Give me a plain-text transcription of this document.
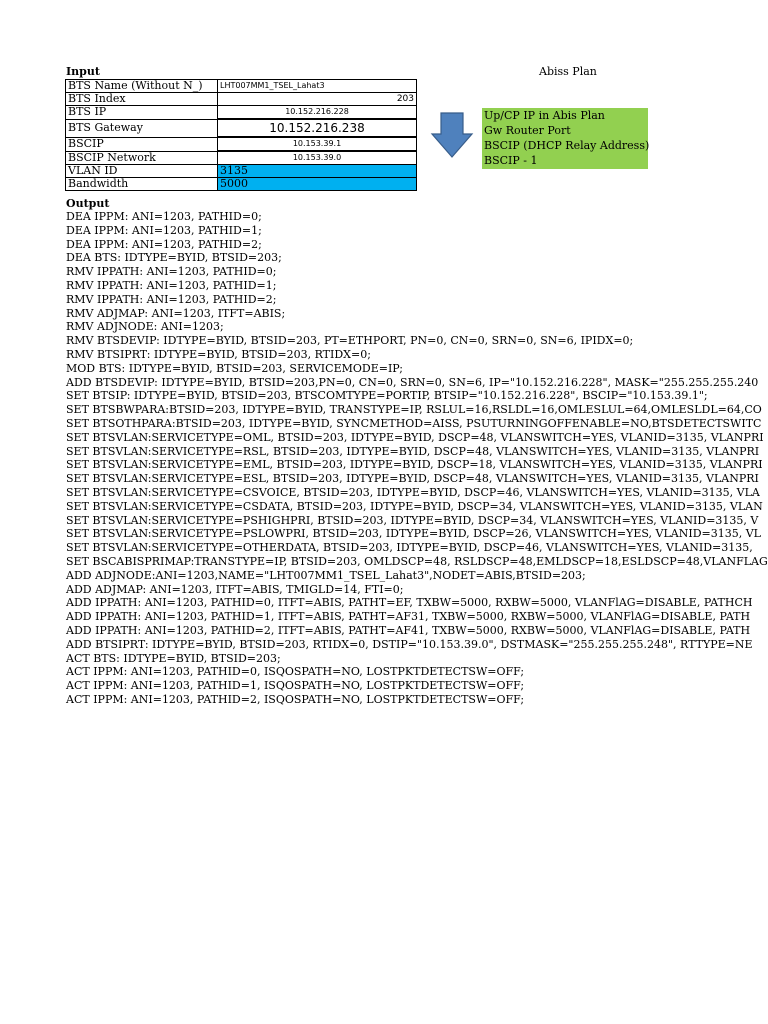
Input	Abiss Plan
BTS Name (Without N_)	LHT007MM1_TSEL_Lahat3
BTS Index	203
BTS IP	10.152.216.228
BTS Gateway	10.152.216.238
BSCIP	10.153.39.1
BSCIP Network	10.153.39.0
VLAN ID	3135
Bandwidth	5000
Up/CP IP in Abis Plan
Gw Router Port
BSCIP (DHCP Relay Address)
BSCIP - 1
Output
DEA IPPM: ANI=1203, PATHID=0;
DEA IPPM: ANI=1203, PATHID=1;
DEA IPPM: ANI=1203, PATHID=2;
DEA BTS: IDTYPE=BYID, BTSID=203;
RMV IPPATH: ANI=1203, PATHID=0;
RMV IPPATH: ANI=1203, PATHID=1;
RMV IPPATH: ANI=1203, PATHID=2;
RMV ADJMAP: ANI=1203, ITFT=ABIS;
RMV ADJNODE: ANI=1203;
RMV BTSDEVIP: IDTYPE=BYID, BTSID=203, PT=ETHPORT, PN=0, CN=0, SRN=0, SN=6, IPIDX=0;
RMV BTSIPRT: IDTYPE=BYID, BTSID=203, RTIDX=0;
MOD BTS: IDTYPE=BYID, BTSID=203, SERVICEMODE=IP;
ADD BTSDEVIP: IDTYPE=BYID, BTSID=203,PN=0, CN=0, SRN=0, SN=6, IP="10.152.216.228", MASK="255.255.255.240
SET BTSIP: IDTYPE=BYID, BTSID=203, BTSCOMTYPE=PORTIP, BTSIP="10.152.216.228", BSCIP="10.153.39.1";
SET BTSBWPARA:BTSID=203, IDTYPE=BYID, TRANSTYPE=IP, RSLUL=16,RSLDL=16,OMLESLUL=64,OMLESLDL=64,CO
SET BTSOTHPARA:BTSID=203, IDTYPE=BYID, SYNCMETHOD=AISS, PSUTURNINGOFFENABLE=NO,BTSDETECTSWITC
SET BTSVLAN:SERVICETYPE=OML, BTSID=203, IDTYPE=BYID, DSCP=48, VLANSWITCH=YES, VLANID=3135, VLANPRI
SET BTSVLAN:SERVICETYPE=RSL, BTSID=203, IDTYPE=BYID, DSCP=48, VLANSWITCH=YES, VLANID=3135, VLANPRI
SET BTSVLAN:SERVICETYPE=EML, BTSID=203, IDTYPE=BYID, DSCP=18, VLANSWITCH=YES, VLANID=3135, VLANPRI
SET BTSVLAN:SERVICETYPE=ESL, BTSID=203, IDTYPE=BYID, DSCP=48, VLANSWITCH=YES, VLANID=3135, VLANPRI
SET BTSVLAN:SERVICETYPE=CSVOICE, BTSID=203, IDTYPE=BYID, DSCP=46, VLANSWITCH=YES, VLANID=3135, VLA
SET BTSVLAN:SERVICETYPE=CSDATA, BTSID=203, IDTYPE=BYID, DSCP=34, VLANSWITCH=YES, VLANID=3135, VLAN
SET BTSVLAN:SERVICETYPE=PSHIGHPRI, BTSID=203, IDTYPE=BYID, DSCP=34, VLANSWITCH=YES, VLANID=3135, V
SET BTSVLAN:SERVICETYPE=PSLOWPRI, BTSID=203, IDTYPE=BYID, DSCP=26, VLANSWITCH=YES, VLANID=3135, VL
SET BTSVLAN:SERVICETYPE=OTHERDATA, BTSID=203, IDTYPE=BYID, DSCP=46, VLANSWITCH=YES, VLANID=3135,
SET BSCABISPRIMAP:TRANSTYPE=IP, BTSID=203, OMLDSCP=48, RSLDSCP=48,EMLDSCP=18,ESLDSCP=48,VLANFLAG
ADD ADJNODE:ANI=1203,NAME="LHT007MM1_TSEL_Lahat3",NODET=ABIS,BTSID=203;
ADD ADJMAP: ANI=1203, ITFT=ABIS, TMIGLD=14, FTI=0;
ADD IPPATH: ANI=1203, PATHID=0, ITFT=ABIS, PATHT=EF, TXBW=5000, RXBW=5000, VLANFlAG=DISABLE, PATHCH
ADD IPPATH: ANI=1203, PATHID=1, ITFT=ABIS, PATHT=AF31, TXBW=5000, RXBW=5000, VLANFlAG=DISABLE, PATH
ADD IPPATH: ANI=1203, PATHID=2, ITFT=ABIS, PATHT=AF41, TXBW=5000, RXBW=5000, VLANFlAG=DISABLE, PATH
ADD BTSIPRT: IDTYPE=BYID, BTSID=203, RTIDX=0, DSTIP="10.153.39.0", DSTMASK="255.255.255.248", RTTYPE=NE
ACT BTS: IDTYPE=BYID, BTSID=203;
ACT IPPM: ANI=1203, PATHID=0, ISQOSPATH=NO, LOSTPKTDETECTSW=OFF;
ACT IPPM: ANI=1203, PATHID=1, ISQOSPATH=NO, LOSTPKTDETECTSW=OFF;
ACT IPPM: ANI=1203, PATHID=2, ISQOSPATH=NO, LOSTPKTDETECTSW=OFF;
